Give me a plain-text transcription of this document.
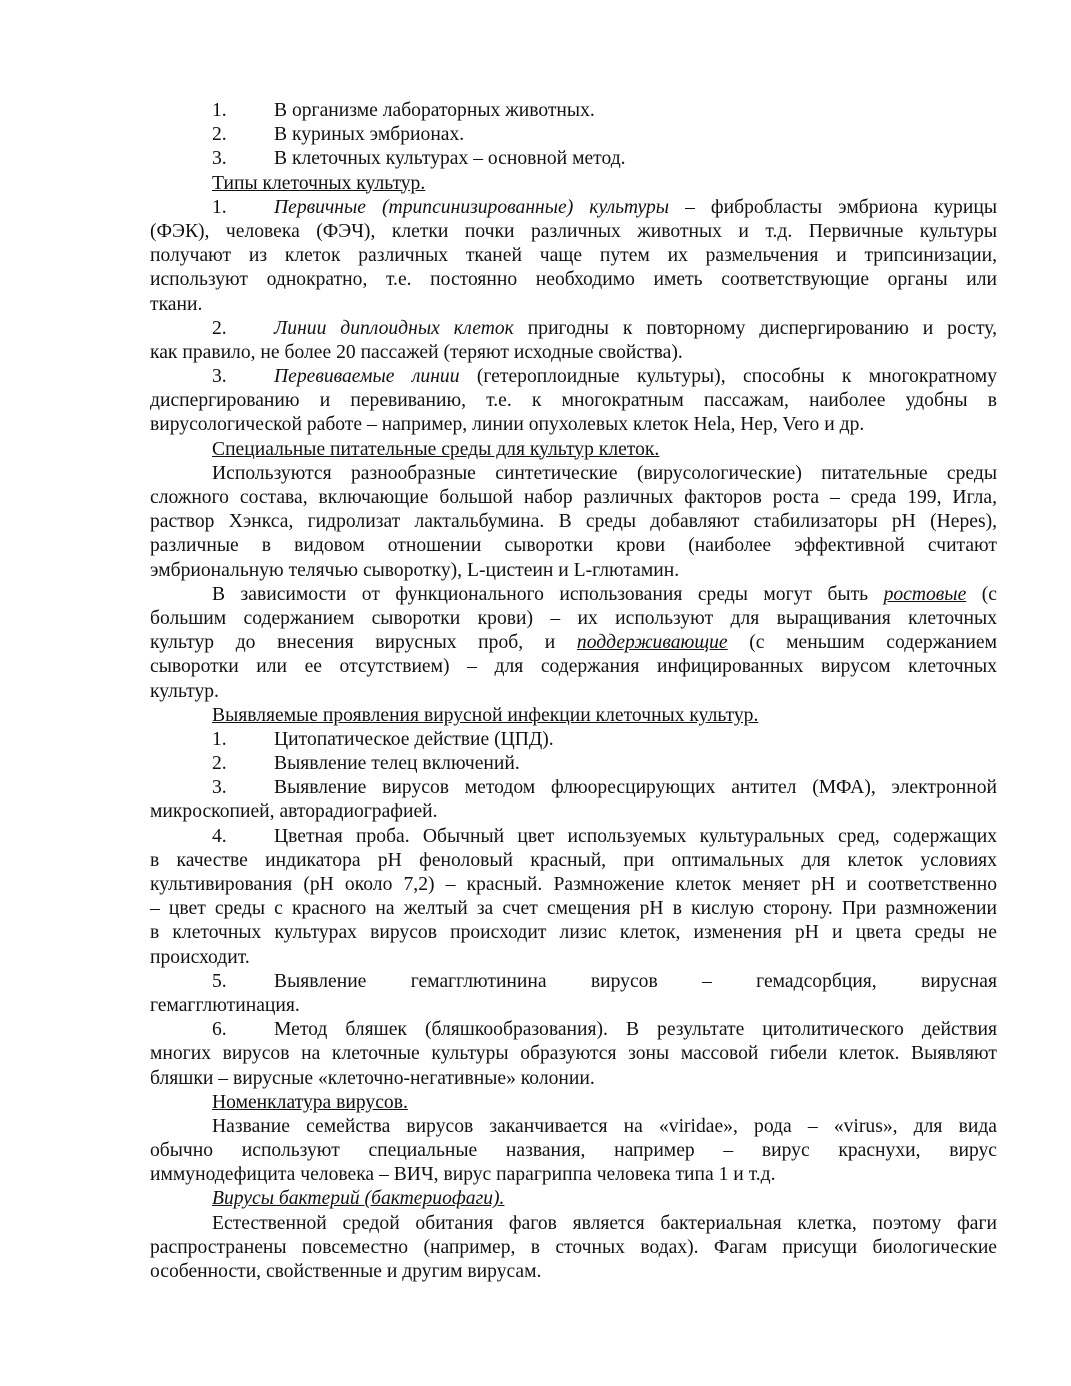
1. В организме лабораторных животных.
2. В куриных эмбрионах.
3. В клеточных культурах – основной метод.
Типы клеточных культур.
1. Первичные (трипсинизированные) культуры – фибробласты эмбриона курицы
(ФЭК), человека (ФЭЧ), клетки почки различных животных и т.д. Первичные культуры
получают из клеток различных тканей чаще путем их размельчения и трипсинизации,
используют однократно, т.е. постоянно необходимо иметь соответствующие органы или
ткани.
2. Линии диплоидных клеток пригодны к повторному диспергированию и росту,
как правило, не более 20 пассажей (теряют исходные свойства).
3. Перевиваемые линии (гетероплоидные культуры), способны к многократному
диспергированию и перевиванию, т.е. к многократным пассажам, наиболее удобны в
вирусологической работе – например, линии опухолевых клеток Hela, Hep, Vero и др.
Специальные питательные среды для культур клеток.
Используются разнообразные синтетические (вирусологические) питательные среды
сложного состава, включающие большой набор различных факторов роста – среда 199, Игла,
раствор Хэнкса, гидролизат лактальбумина. В среды добавляют стабилизаторы pH (Hepes),
различные в видовом отношении сыворотки крови (наиболее эффективной считают
эмбриональную телячью сыворотку), L-цистеин и L-глютамин.
В зависимости от функционального использования среды могут быть ростовые (с
большим содержанием сыворотки крови) – их используют для выращивания клеточных
культур до внесения вирусных проб, и поддерживающие (с меньшим содержанием
сыворотки или ее отсутствием) – для содержания инфицированных вирусом клеточных
культур.
Выявляемые проявления вирусной инфекции клеточных культур.
1. Цитопатическое действие (ЦПД).
2. Выявление телец включений.
3. Выявление вирусов методом флюоресцирующих антител (МФА), электронной
микроскопией, авторадиографией.
4. Цветная проба. Обычный цвет используемых культуральных сред, содержащих
в качестве индикатора pH феноловый красный, при оптимальных для клеток условиях
культивирования (pH около 7,2) – красный. Размножение клеток меняет pH и соответственно
– цвет среды с красного на желтый за счет смещения pH в кислую сторону. При размножении
в клеточных культурах вирусов происходит лизис клеток, изменения pH и цвета среды не
происходит.
5. Выявление гемагглютинина вирусов – гемадсорбция, вирусная
гемагглютинация.
6. Метод бляшек (бляшкообразования). В результате цитолитического действия
многих вирусов на клеточные культуры образуются зоны массовой гибели клеток. Выявляют
бляшки – вирусные «клеточно-негативные» колонии.
Номенклатура вирусов.
Название семейства вирусов заканчивается на «viridae», рода – «virus», для вида
обычно используют специальные названия, например – вирус краснухи, вирус
иммунодефицита человека – ВИЧ, вирус парагриппа человека типа 1 и т.д.
Вирусы бактерий (бактериофаги).
Естественной средой обитания фагов является бактериальная клетка, поэтому фаги
распространены повсеместно (например, в сточных водах). Фагам присущи биологические
особенности, свойственные и другим вирусам.
